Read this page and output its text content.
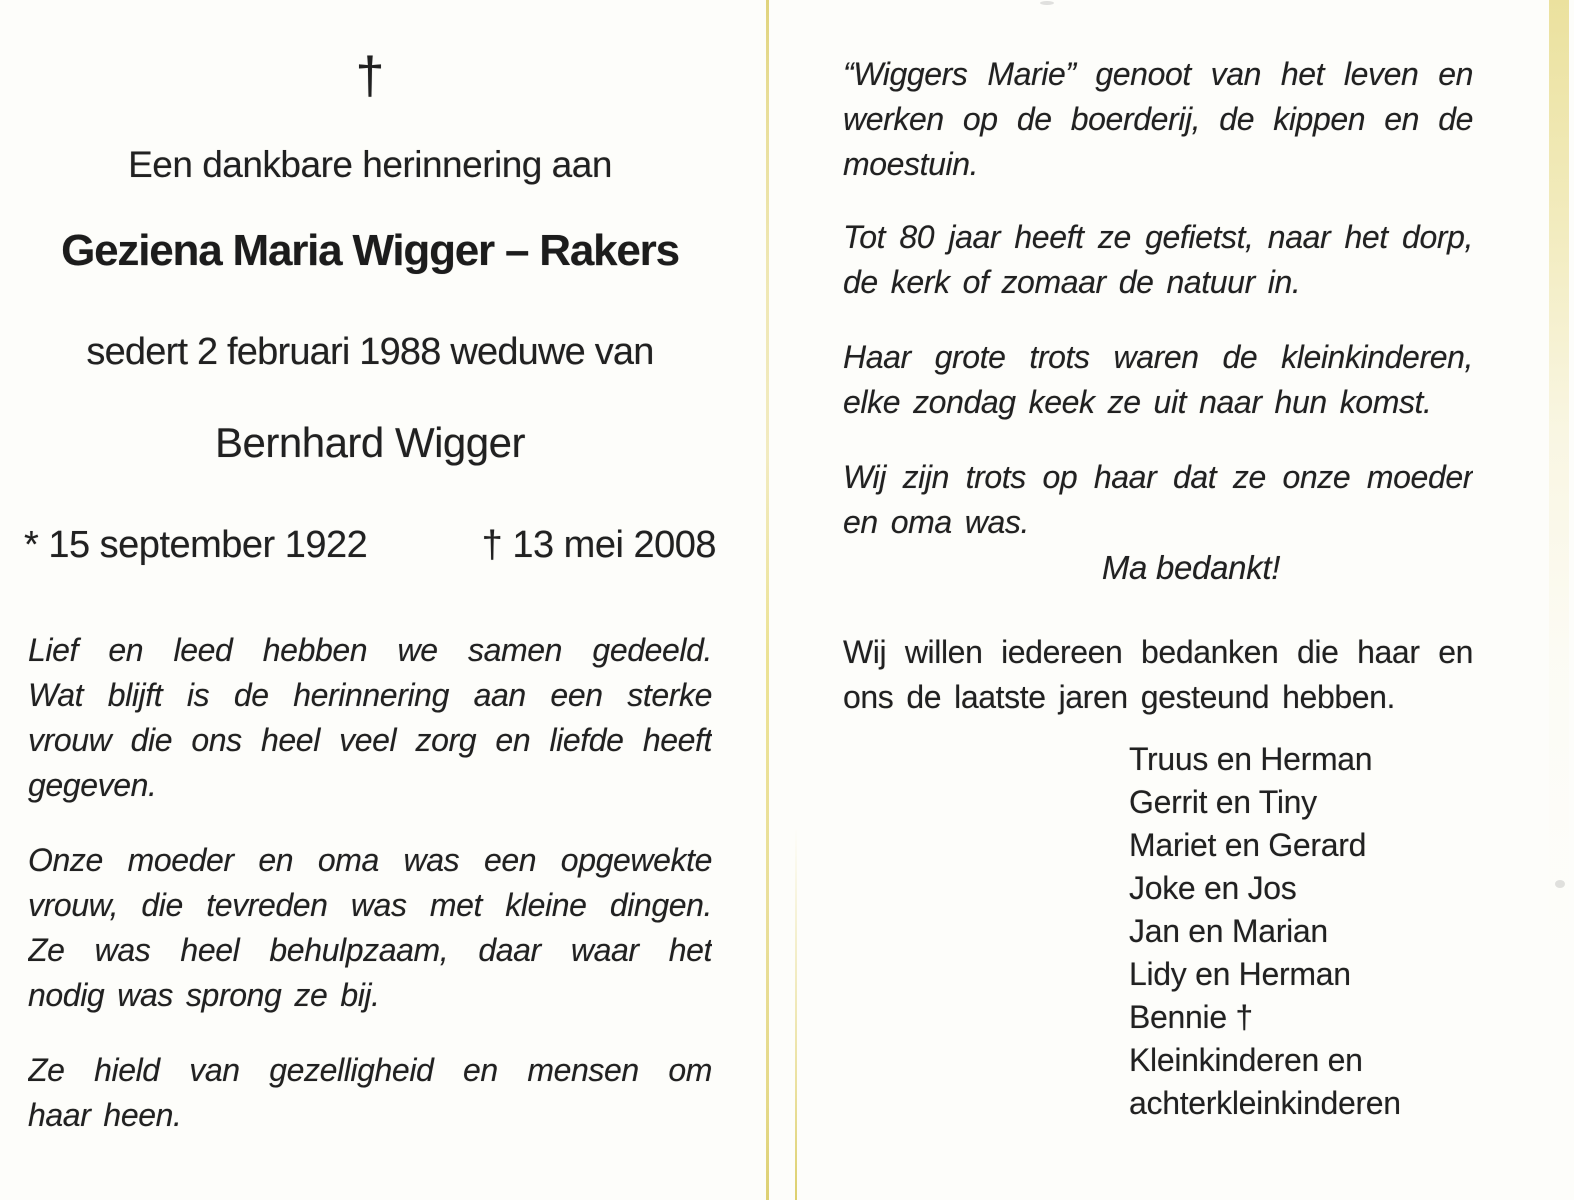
†
Een dankbare herinnering aan
Geziena Maria Wigger – Rakers
sedert 2 februari 1988 weduwe van
Bernhard Wigger
* 15 september 1922	† 13 mei 2008
Lief en leed hebben we samen gedeeld.
Wat blijft is de herinnering aan een sterke
vrouw die ons heel veel zorg en liefde heeft
gegeven.
Onze moeder en oma was een opgewekte
vrouw, die tevreden was met kleine dingen.
Ze was heel behulpzaam, daar waar het
nodig was sprong ze bij.
Ze hield van gezelligheid en mensen om
haar heen.
“Wiggers Marie” genoot van het leven en
werken op de boerderij, de kippen en de
moestuin.
Tot 80 jaar heeft ze gefietst, naar het dorp,
de kerk of zomaar de natuur in.
Haar grote trots waren de kleinkinderen,
elke zondag keek ze uit naar hun komst.
Wij zijn trots op haar dat ze onze moeder
en oma was.
Ma bedankt!
Wij willen iedereen bedanken die haar en
ons de laatste jaren gesteund hebben.
Truus en Herman
Gerrit en Tiny
Mariet en Gerard
Joke en Jos
Jan en Marian
Lidy en Herman
Bennie †
Kleinkinderen en
achterkleinkinderen
